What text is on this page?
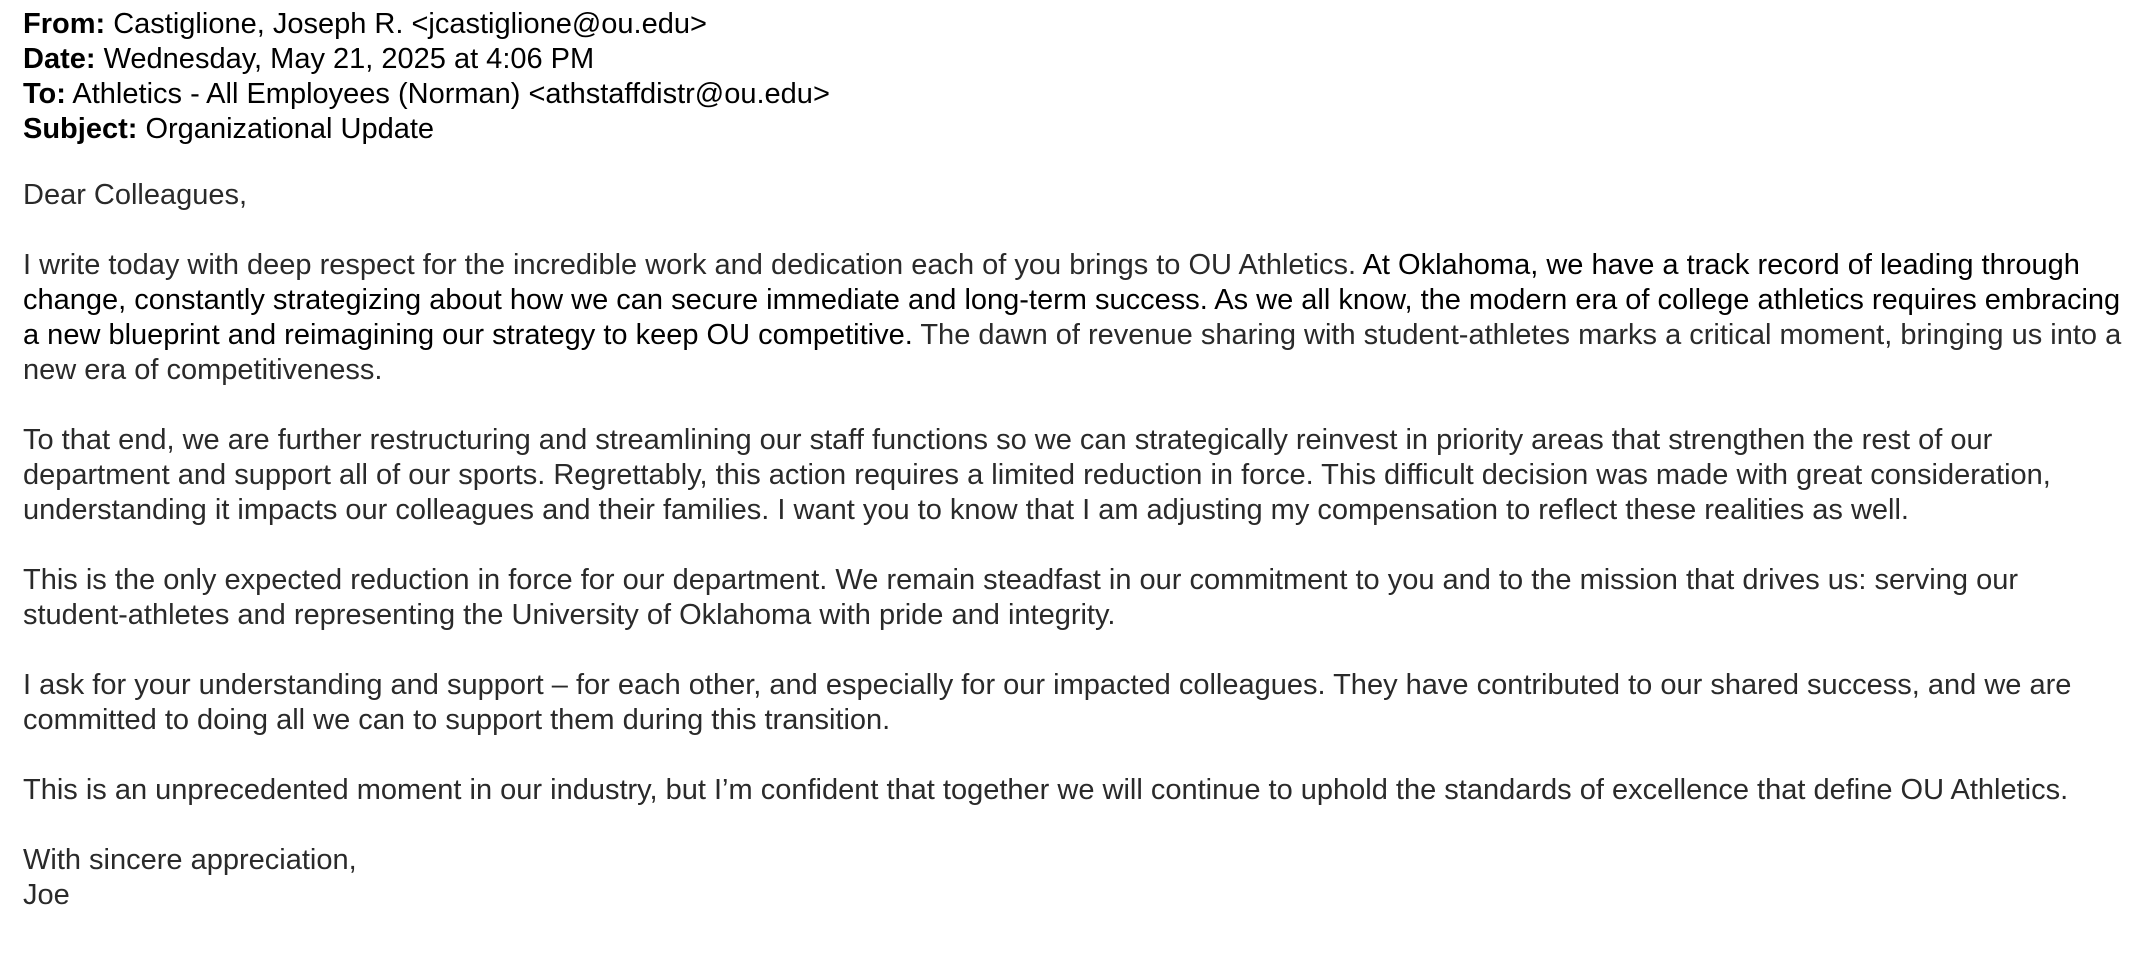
From: Castiglione, Joseph R. <jcastiglione@ou.edu>
Date: Wednesday, May 21, 2025 at 4:06 PM
To: Athletics - All Employees (Norman) <athstaffdistr@ou.edu>
Subject: Organizational Update

Dear Colleagues,

I write today with deep respect for the incredible work and dedication each of you brings to OU Athletics. At Oklahoma, we have a track record of leading through change, constantly strategizing about how we can secure immediate and long-term success. As we all know, the modern era of college athletics requires embracing a new blueprint and reimagining our strategy to keep OU competitive. The dawn of revenue sharing with student-athletes marks a critical moment, bringing us into a new era of competitiveness.

To that end, we are further restructuring and streamlining our staff functions so we can strategically reinvest in priority areas that strengthen the rest of our department and support all of our sports. Regrettably, this action requires a limited reduction in force. This difficult decision was made with great consideration, understanding it impacts our colleagues and their families. I want you to know that I am adjusting my compensation to reflect these realities as well.

This is the only expected reduction in force for our department. We remain steadfast in our commitment to you and to the mission that drives us: serving our student-athletes and representing the University of Oklahoma with pride and integrity.

I ask for your understanding and support – for each other, and especially for our impacted colleagues. They have contributed to our shared success, and we are committed to doing all we can to support them during this transition.

This is an unprecedented moment in our industry, but I’m confident that together we will continue to uphold the standards of excellence that define OU Athletics.

With sincere appreciation,

Joe
